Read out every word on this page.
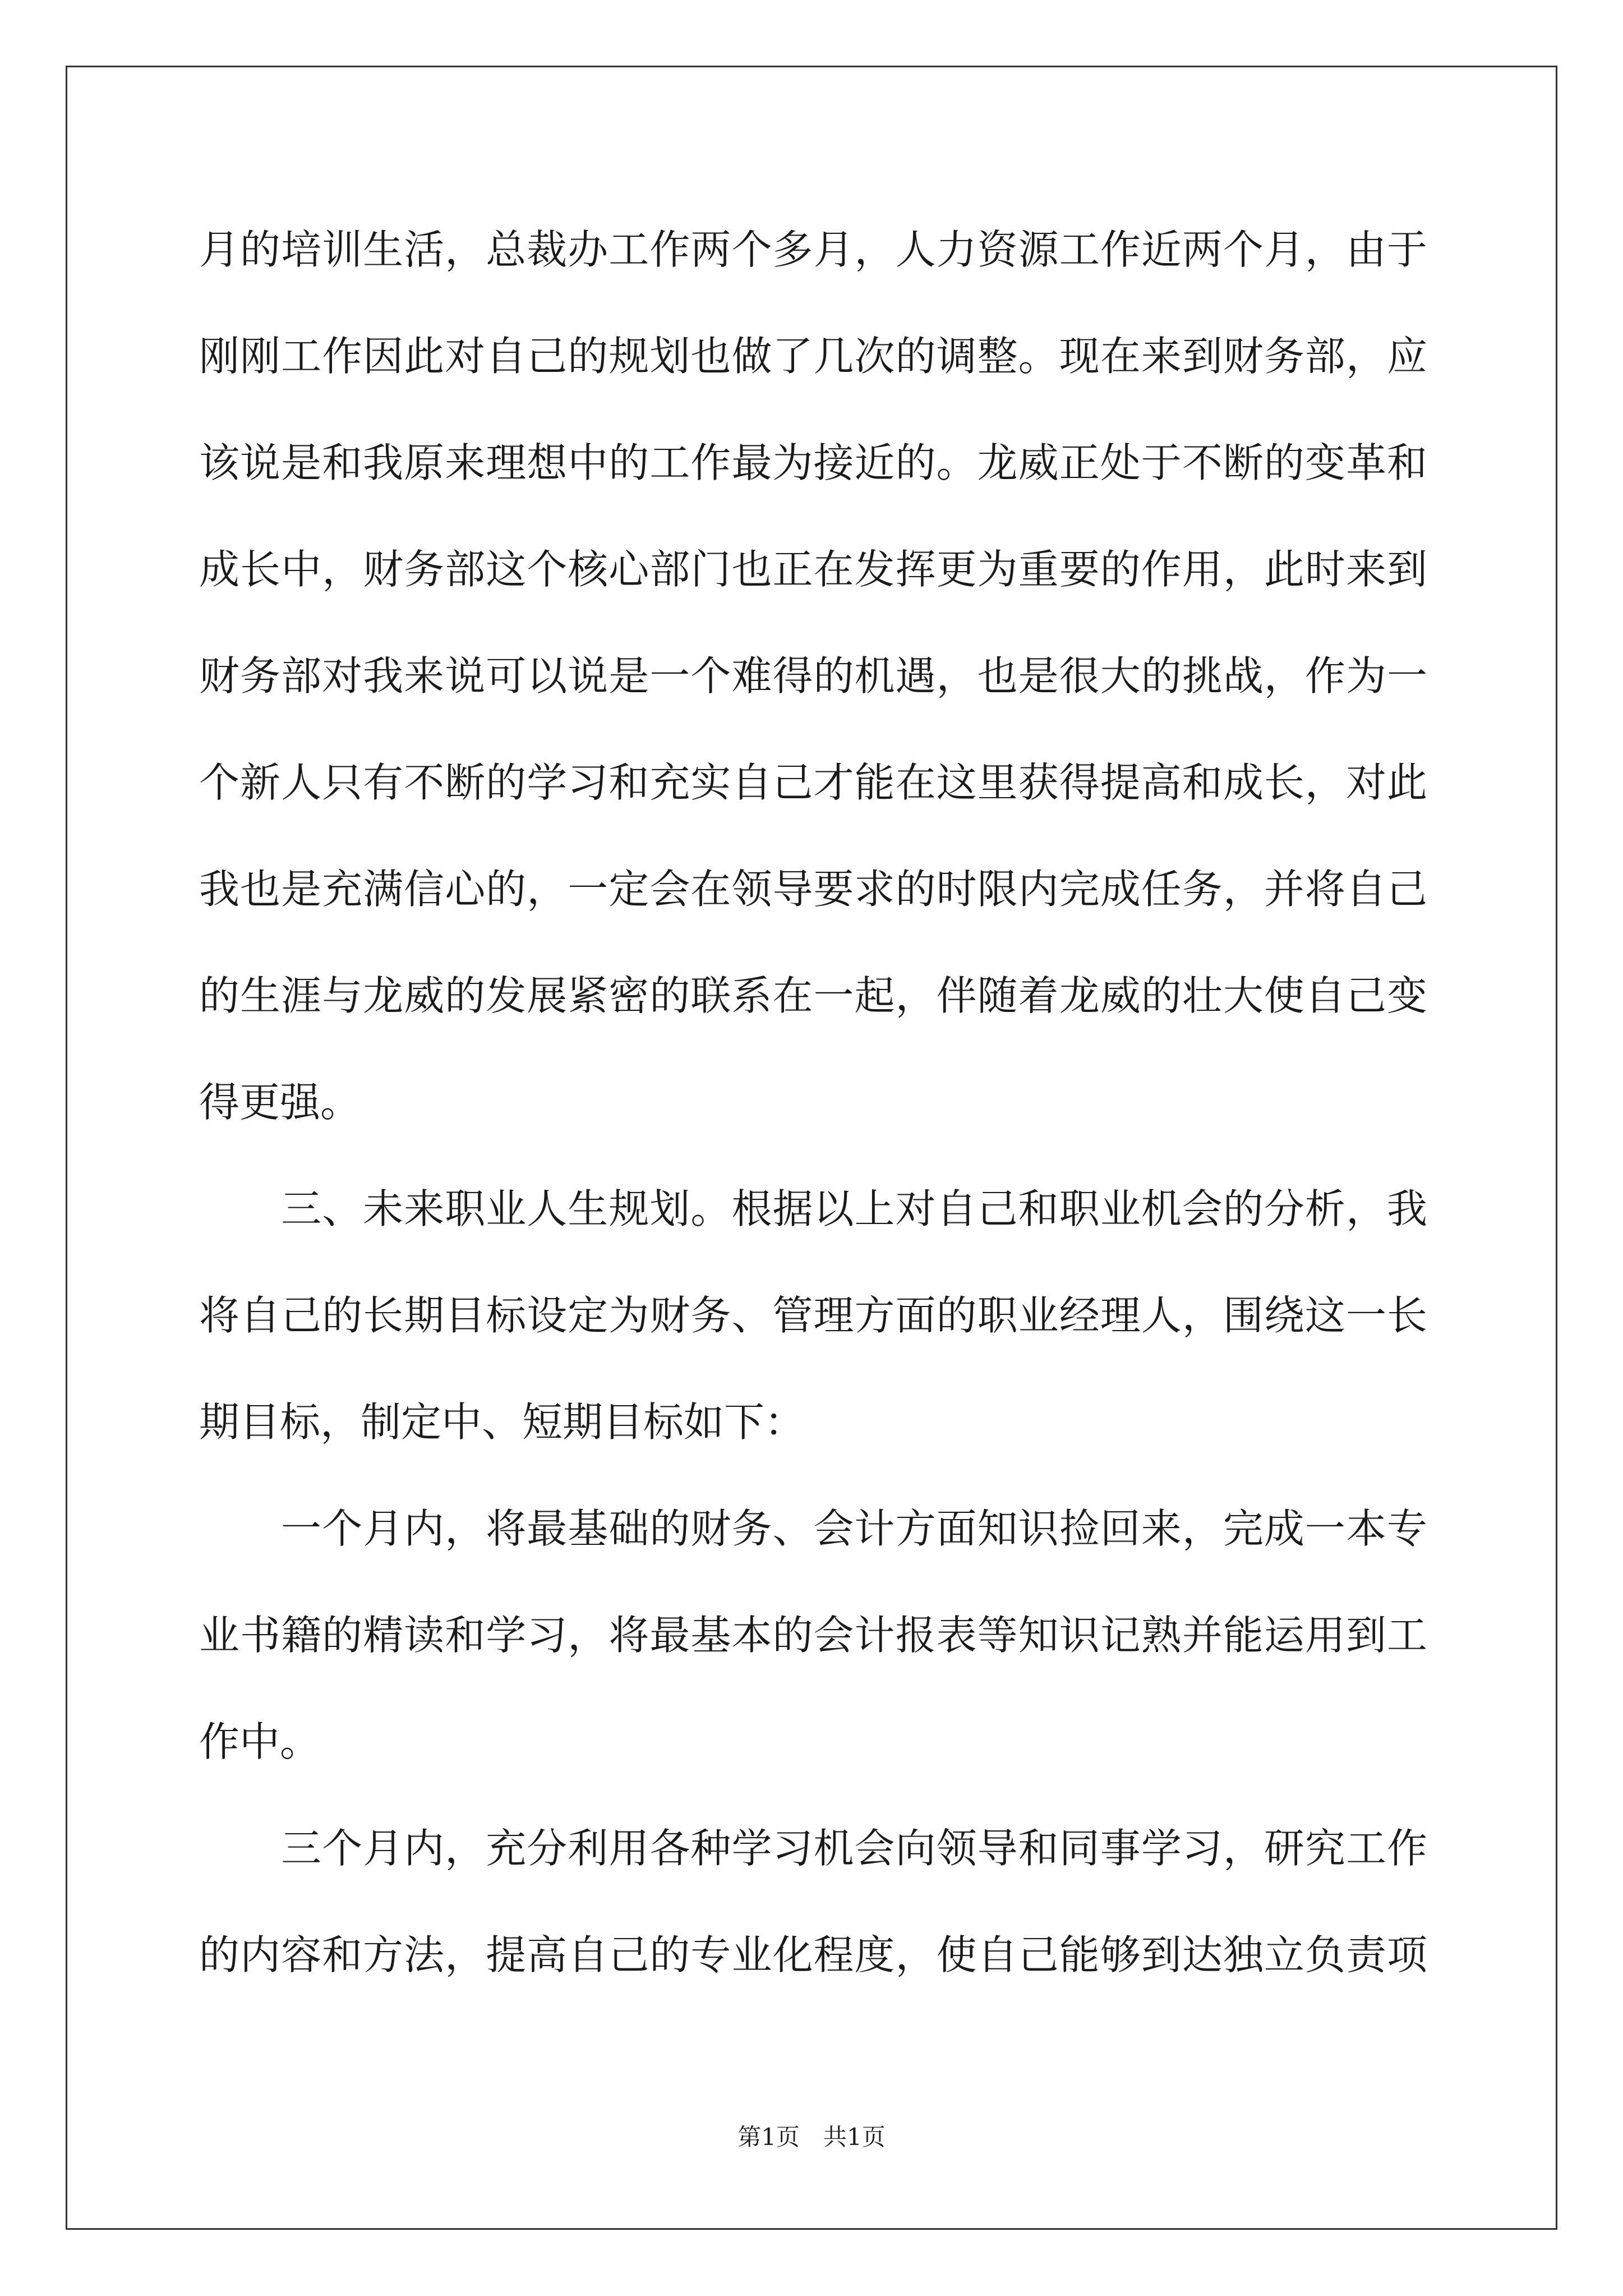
月的培训生活，总裁办工作两个多月，人力资源工作近两个月，由于
刚刚工作因此对自己的规划也做了几次的调整。现在来到财务部，应
该说是和我原来理想中的工作最为接近的。龙威正处于不断的变革和
成长中，财务部这个核心部门也正在发挥更为重要的作用，此时来到
财务部对我来说可以说是一个难得的机遇，也是很大的挑战，作为一
个新人只有不断的学习和充实自己才能在这里获得提高和成长，对此
我也是充满信心的，一定会在领导要求的时限内完成任务，并将自己
的生涯与龙威的发展紧密的联系在一起，伴随着龙威的壮大使自己变
得更强。
　　三、未来职业人生规划。根据以上对自己和职业机会的分析，我
将自己的长期目标设定为财务、管理方面的职业经理人，围绕这一长
期目标，制定中、短期目标如下：
　　一个月内，将最基础的财务、会计方面知识捡回来，完成一本专
业书籍的精读和学习，将最基本的会计报表等知识记熟并能运用到工
作中。
　　三个月内，充分利用各种学习机会向领导和同事学习，研究工作
的内容和方法，提高自己的专业化程度，使自己能够到达独立负责项
第1页　共1页
